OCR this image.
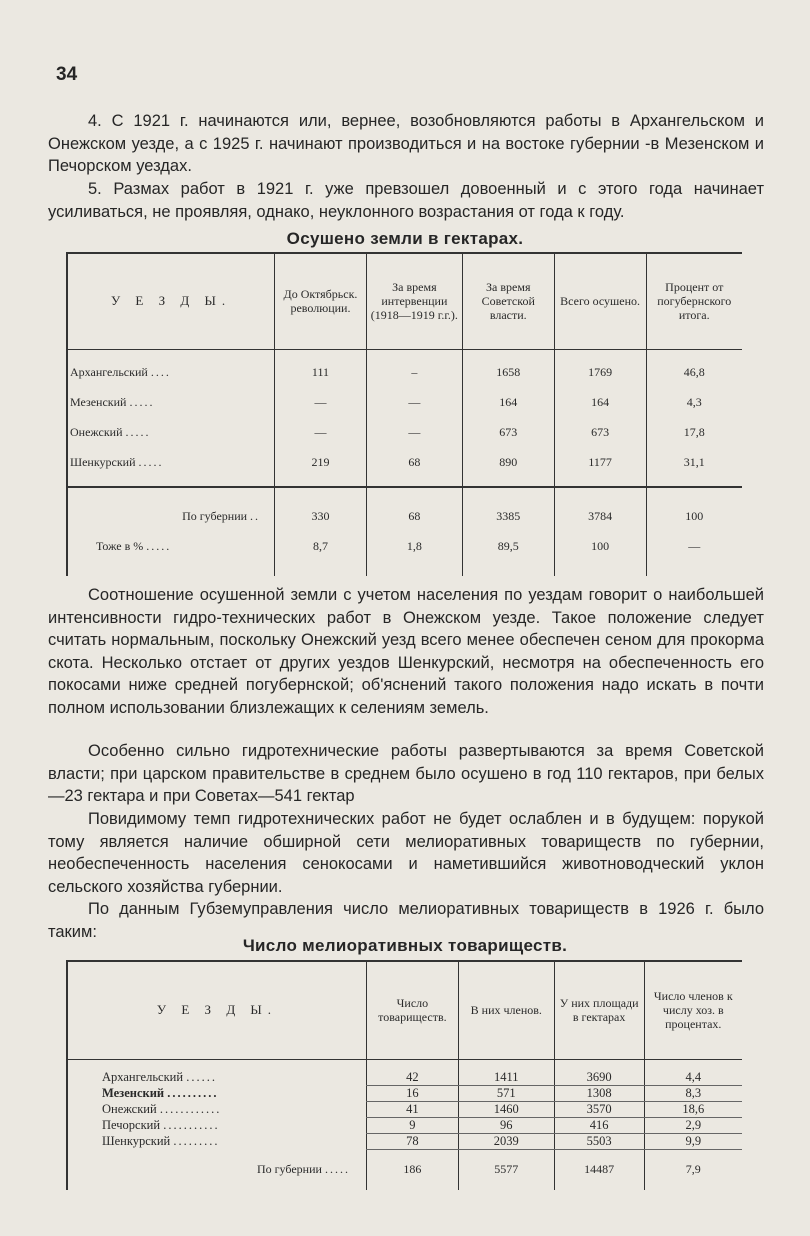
34

4. С 1921 г. начинаются или, вернее, возобновляются работы в Архангельском и Онежском уезде, а с 1925 г. начинают производиться и на востоке губернии -в Мезенском и Печорском уездах.

5. Размах работ в 1921 г. уже превзошел довоенный и с этого года начинает усиливаться, не проявляя, однако, неуклонного возрастания от года к году.

Осушено земли в гектарах.
У Е З Д Ы.	До Октябрьск. революции.	За время интервенции (1918—1919 г.г.).	За время Советской власти.	Всего осушено.	Процент от погубернского итога.

Архангельский ....	111	–	1658	1769	46,8
Мезенский .....	—	—	164	164	4,3
Онежский .....	—	—	673	673	17,8
Шенкурский .....	219	68	890	1177	31,1

По губернии ..	330	68	3385	3784	100
Тоже в % .....	8,7	1,8	89,5	100	—

Соотношение осушенной земли с учетом населения по уездам говорит о наибольшей интенсивности гидро-технических работ в Онежском уезде. Такое положение следует считать нормальным, поскольку Онежский уезд всего менее обеспечен сеном для прокорма скота. Несколько отстает от других уездов Шенкурский, несмотря на обеспеченность его покосами ниже средней погубернской; об'яснений такого положения надо искать в почти полном использовании близлежащих к селениям земель.

Особенно сильно гидротехнические работы развертываются за время Советской власти; при царском правительстве в среднем было осушено в год 110 гектаров, при белых—23 гектара и при Советах—541 гектар

Повидимому темп гидротехнических работ не будет ослаблен и в будущем: порукой тому является наличие обширной сети мелиоративных товариществ по губернии, необеспеченность населения сенокосами и наметившийся животноводческий уклон сельского хозяйства губернии.

По данным Губземуправления число мелиоративных товариществ в 1926 г. было таким:

Число мелиоративных товариществ.
У Е З Д Ы.	Число товариществ.	В них членов.	У них площади в гектарах	Число членов к числу хоз. в процентах.

Архангельский ......	42	1411	3690	4,4
Мезенский ..........	16	571	1308	8,3
Онежский ............	41	1460	3570	18,6
Печорский ...........	9	96	416	2,9
Шенкурский .........	78	2039	5503	9,9
По губернии .....	186	5577	14487	7,9
